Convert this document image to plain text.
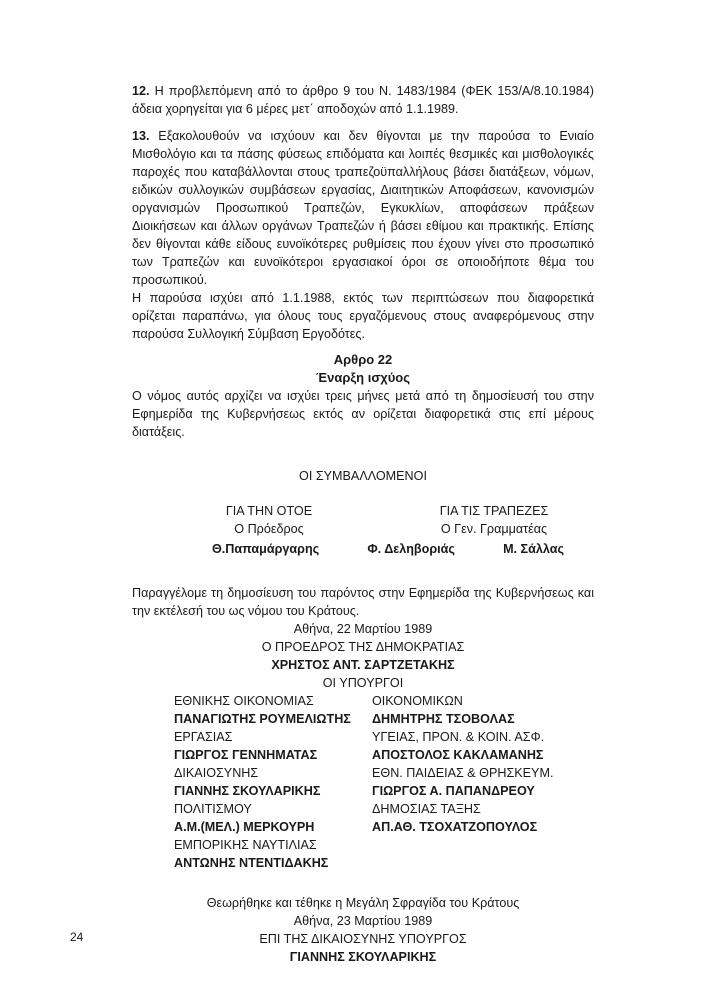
12. Η προβλεπόμενη από το άρθρο 9 του Ν. 1483/1984 (ΦΕΚ 153/Α/8.10.1984) άδεια χορηγείται για 6 μέρες μετ΄ αποδοχών από 1.1.1989.

13. Εξακολουθούν να ισχύουν και δεν θίγονται με την παρούσα το Ενιαίο Μισθολόγιο και τα πάσης φύσεως επιδόματα και λοιπές θεσμικές και μισθολογικές παροχές που καταβάλλονται στους τραπεζοϋπαλλήλους βάσει διατάξεων, νόμων, ειδικών συλλογικών συμβάσεων εργασίας, Διαιτητικών Αποφάσεων, κανονισμών οργανισμών Προσωπικού Τραπεζών, Εγκυκλίων, αποφάσεων πράξεων Διοικήσεων και άλλων οργάνων Τραπεζών ή βάσει εθίμου και πρακτικής. Επίσης δεν θίγονται κάθε είδους ευνοϊκότερες ρυθμίσεις που έχουν γίνει στο προσωπικό των Τραπεζών και ευνοϊκότεροι εργασιακοί όροι σε οποιοδήποτε θέμα του προσωπικού.

Η παρούσα ισχύει από 1.1.1988, εκτός των περιπτώσεων που διαφορετικά ορίζεται παραπάνω, για όλους τους εργαζόμενους στους αναφερόμενους στην παρούσα Συλλογική Σύμβαση Εργοδότες.

Αρθρο 22
Έναρξη ισχύος

Ο νόμος αυτός αρχίζει να ισχύει τρεις μήνες μετά από τη δημοσίευσή του στην Εφημερίδα της Κυβερνήσεως εκτός αν ορίζεται διαφορετικά στις επί μέρους διατάξεις.

ΟΙ ΣΥΜΒΑΛΛΟΜΕΝΟΙ
ΓΙΑ ΤΗΝ ΟΤΟΕ	ΓΙΑ ΤΙΣ ΤΡΑΠΕΖΕΣ
Ο Πρόεδρος	Ο Γεν. Γραμματέας
Θ.Παπαμάργαρης	Φ. Δεληβοριάς	Μ. Σάλλας

Παραγγέλομε τη δημοσίευση του παρόντος στην Εφημερίδα της Κυβερνήσεως και την εκτέλεσή του ως νόμου του Κράτους.

Αθήνα, 22 Μαρτίου 1989
Ο ΠΡΟΕΔΡΟΣ ΤΗΣ ΔΗΜΟΚΡΑΤΙΑΣ
ΧΡΗΣΤΟΣ ΑΝΤ. ΣΑΡΤΖΕΤΑΚΗΣ
ΟΙ ΥΠΟΥΡΓΟΙ
ΕΘΝΙΚΗΣ ΟΙΚΟΝΟΜΙΑΣ	ΟΙΚΟΝΟΜΙΚΩΝ
ΠΑΝΑΓΙΩΤΗΣ ΡΟΥΜΕΛΙΩΤΗΣ	ΔΗΜΗΤΡΗΣ ΤΣΟΒΟΛΑΣ
ΕΡΓΑΣΙΑΣ	ΥΓΕΙΑΣ, ΠΡΟΝ. & ΚΟΙΝ. ΑΣΦ.
ΓΙΩΡΓΟΣ ΓΕΝΝΗΜΑΤΑΣ	ΑΠΟΣΤΟΛΟΣ ΚΑΚΛΑΜΑΝΗΣ
ΔΙΚΑΙΟΣΥΝΗΣ	ΕΘΝ. ΠΑΙΔΕΙΑΣ & ΘΡΗΣΚΕΥΜ.
ΓΙΑΝΝΗΣ ΣΚΟΥΛΑΡΙΚΗΣ	ΓΙΩΡΓΟΣ Α. ΠΑΠΑΝΔΡΕΟΥ
ΠΟΛΙΤΙΣΜΟΥ	ΔΗΜΟΣΙΑΣ ΤΑΞΗΣ
Α.Μ.(ΜΕΛ.) ΜΕΡΚΟΥΡΗ	ΑΠ.ΑΘ. ΤΣΟΧΑΤΖΟΠΟΥΛΟΣ
ΕΜΠΟΡΙΚΗΣ ΝΑΥΤΙΛΙΑΣ
ΑΝΤΩΝΗΣ ΝΤΕΝΤΙΔΑΚΗΣ
Θεωρήθηκε και τέθηκε η Μεγάλη Σφραγίδα του Κράτους
Αθήνα, 23 Μαρτίου 1989
ΕΠΙ ΤΗΣ ΔΙΚΑΙΟΣΥΝΗΣ ΥΠΟΥΡΓΟΣ
ΓΙΑΝΝΗΣ ΣΚΟΥΛΑΡΙΚΗΣ
24
